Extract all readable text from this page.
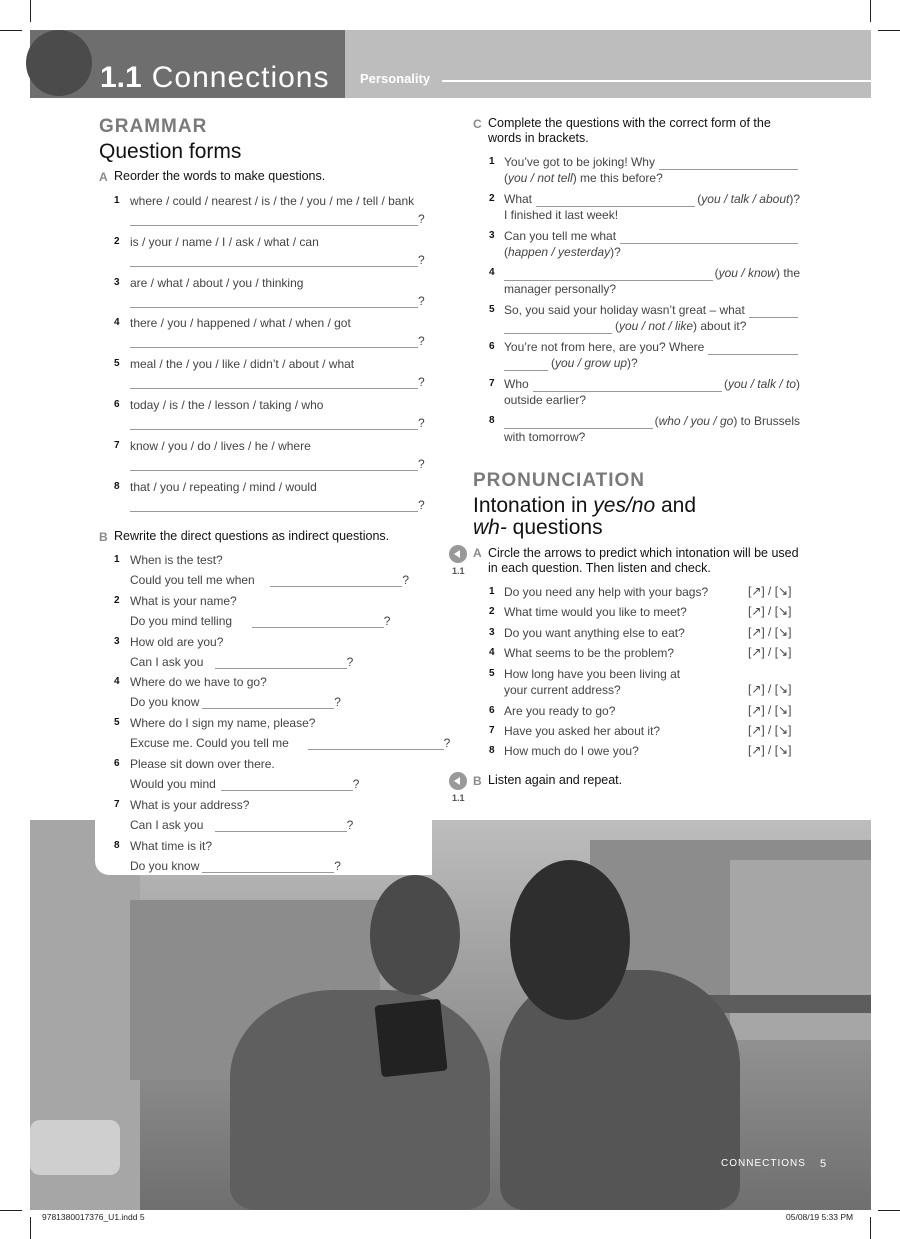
1.1 Connections Personality
GRAMMAR
Question forms
A Reorder the words to make questions.
B Rewrite the direct questions as indirect questions.
C Complete the questions with the correct form of the
words in brackets.
PRONUNCIATION
Intonation in yes/no and
wh- questions
1.1
A Circle the arrows to predict which intonation will be used
in each question. Then listen and check.
1.1
B Listen again and repeat.
CONNECTIONS 5
9781380017376_U1.indd 5	05/08/19 5:33 PM
1 where / could / nearest / is / the / you / me / tell / bank
?
2 is / your / name / I / ask / what / can
?
3 are / what / about / you / thinking
?
4 there / you / happened / what / when / got
?
5 meal / the / you / like / didn’t / about / what
?
6 today / is / the / lesson / taking / who
?
7 know / you / do / lives / he / where
?
8 that / you / repeating / mind / would
?
1 When is the test?
Could you tell me when	?
2 What is your name?
Do you mind telling	?
3 How old are you?
Can I ask you	?
4 Where do we have to go?
Do you know	?
5 Where do I sign my name, please?
Excuse me. Could you tell me	?
6 Please sit down over there.
Would you mind	?
7 What is your address?
Can I ask you	?
8 What time is it?
Do you know	?
1 You’ve got to be joking! Why
( you / not tell ) me this before?
2 What	( you / talk / about )?
I finished it last week!
3 Can you tell me what
( happen / yesterday )?
4	( you / know ) the
manager personally?
5 So, you said your holiday wasn’t great – what
( you / not / like ) about it?
6 You’re not from here, are you? Where
( you / grow up )?
7 Who	( you / talk / to )
outside earlier?
8	( who / you / go ) to Brussels
with tomorrow?
1 Do you need any help with your bags?	[↗] / [↘]
2 What time would you like to meet?	[↗] / [↘]
3 Do you want anything else to eat?	[↗] / [↘]
4 What seems to be the problem?	[↗] / [↘]
5 How long have you been living at
your current address?	[↗] / [↘]
6 Are you ready to go?	[↗] / [↘]
7 Have you asked her about it?	[↗] / [↘]
8 How much do I owe you?	[↗] / [↘]
